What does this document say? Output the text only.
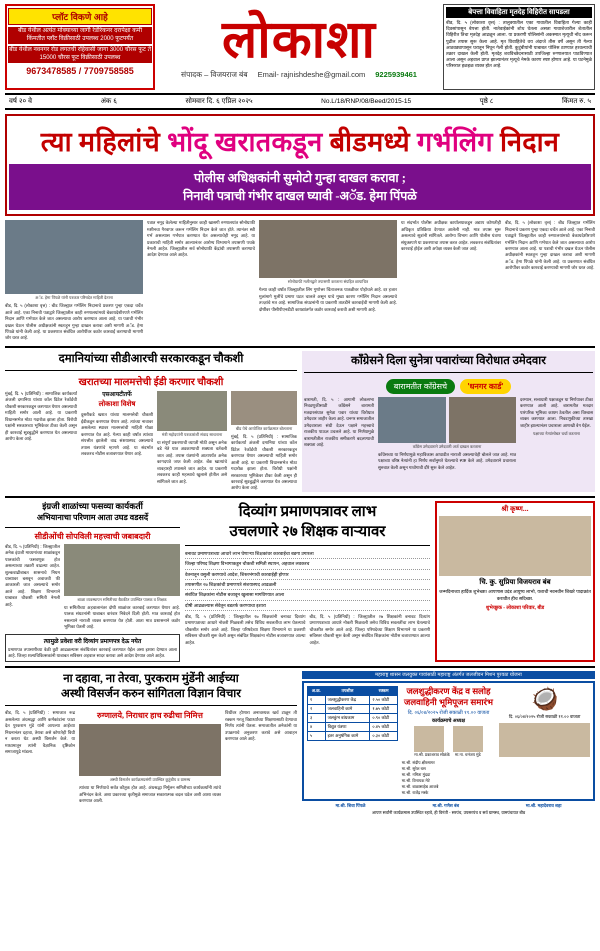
प्लॉट विकणे आहे
बीड येथील अत्यंत मोक्याच्या जागी रेडीरेकनर दरापेक्षा कमी किंमतीत प्लॉट विक्रीसाठी उपलब्ध 2000 फूटपर्यंत
बीड येथील नवनगर रोड लगतची रहिवासी जागा 3000 चौरस फूट ते 15000 चौरस फूट विक्रीसाठी उपलब्ध
9673478585 / 7709758585
लोकाशा
संपादक – विजयराज बंब Email- rajnishdeshe@gmail.com 9225939461
बेपत्ता विवाहिता मृतदेह विहिरीत सापडला
बीड, दि. ५ (लोकाशा वृत्त) : तालुक्यातील एका गावातील विवाहिता गेल्या काही दिवसांपासून बेपत्ता होती. नातेवाईकांनी शोध घेतला असता गावाशेजारील शेतातील विहिरीत तिचा मृतदेह आढळून आला. या प्रकरणी पोलिसांनी अकस्मात मृत्यूची नोंद करून पुढील तपास सुरू केला आहे. मृत विवाहितेचे वय अंदाजे तीस वर्षे असून ती गेल्या आठवड्यापासून घरातून निघून गेली होती. कुटुंबीयांनी याबाबत पोलिस ठाण्यात हरवल्याची तक्रार दाखल केली होती. मृतदेह शवविच्छेदनासाठी उपजिल्हा रुग्णालयात पाठविण्यात आला असून अहवाल प्राप्त झाल्यानंतर मृत्यूचे नेमके कारण स्पष्ट होणार आहे. या घटनेमुळे परिसरात हळहळ व्यक्त होत आहे.
वर्ष २० वे	अंक ६	सोमवार दि. ६ एप्रिल २०२५	No.L/18/RNP/08/Beed/2015-15	पृष्ठे ८	किंमत रु. ५
त्या महिलांचे भोंदू खरातकडून बीडमध्ये गर्भलिंग निदान
पोलीस अधिक्षकांनी सुमोटो गुन्हा दाखल करावा ;
निनावी पत्राची गंभीर दाखल घ्यावी -अॅड. हेमा पिंपळे
अॅड. हेमा पिंपळे यांनी पत्रकार परिषदेत माहिती देताना
बीड, दि. ५ (लोकाशा वृत्त) : बीड जिल्ह्यात गर्भलिंग निदानाचे प्रकरण पुन्हा एकदा चर्चेत आले आहे. एका निनावी पत्राद्वारे जिल्ह्यातील काही रुग्णालयांमध्ये बेकायदेशीरपणे गर्भलिंग निदान आणि गर्भपात केले जात असल्याचा आरोप करण्यात आला आहे. या पत्राची गंभीर दखल घेऊन पोलीस अधीक्षकांनी स्वतःहून गुन्हा दाखल करावा अशी मागणी अॅड. हेमा पिंपळे यांनी केली आहे. या प्रकरणात संबंधित आरोपींवर कठोर कारवाई करण्याची मागणी जोर धरत आहे.
पत्रात नमूद केलेल्या माहितीनुसार काही खासगी रुग्णालयांत सोनोग्राफी मशीनचा गैरवापर करून गर्भलिंग निदान केले जात होते. त्यानंतर स्त्री गर्भ असल्यास गर्भपात करण्यात येत असल्याचेही नमूद आहे. या प्रकाराची माहिती समोर आल्यानंतर आरोग्य विभागाने तपासणी पथके नेमली आहेत. जिल्ह्यातील सर्व सोनोग्राफी केंद्रांची तपासणी करण्याचे आदेश देण्यात आले आहेत.
सोनोग्राफी मशीनद्वारे तपासणी करताना संग्रहित छायाचित्र
गेल्या काही वर्षांत जिल्ह्यातील लिंग गुणोत्तर चिंताजनक पातळीवर पोहोचले आहे. दर हजार मुलांमागे मुलींचे प्रमाण घटत चालले असून याचे मुख्य कारण गर्भलिंग निदान असल्याचे तज्ज्ञांचे मत आहे. सामाजिक संघटनांनी या प्रकरणी तातडीने कारवाईची मागणी केली आहे. दोषींवर पीसीपीएनडीटी कायद्यांतर्गत कठोर कारवाई करावी अशी मागणी आहे.
या संदर्भात पोलीस अधीक्षक कार्यालयाकडून अद्याप कोणतीही अधिकृत प्रतिक्रिया देण्यात आलेली नाही. मात्र तपास सुरू असल्याचे सूत्रांनी सांगितले. आरोग्य विभाग आणि पोलीस यंत्रणा संयुक्तपणे या प्रकरणाचा तपास करत आहेत. लवकरच संबंधितांवर कारवाई होईल अशी अपेक्षा व्यक्त केली जात आहे.
बीड, दि. ५ (लोकाशा वृत्त) : बीड जिल्ह्यात गर्भलिंग निदानाचे प्रकरण पुन्हा एकदा चर्चेत आले आहे. एका निनावी पत्राद्वारे जिल्ह्यातील काही रुग्णालयांमध्ये बेकायदेशीरपणे गर्भलिंग निदान आणि गर्भपात केले जात असल्याचा आरोप करण्यात आला आहे. या पत्राची गंभीर दखल घेऊन पोलीस अधीक्षकांनी स्वतःहून गुन्हा दाखल करावा अशी मागणी अॅड. हेमा पिंपळे यांनी केली आहे. या प्रकरणात संबंधित आरोपींवर कठोर कारवाई करण्याची मागणी जोर धरत आहे.
दमानियांच्या सीडीआरची सरकारकडून चौकशी
खरातच्या मालमत्तेची ईडी करणार चौकशी
मुंबई, दि. ५ (प्रतिनिधी) : सामाजिक कार्यकर्त्या अंजली दमानिया यांच्या कॉल डिटेल रेकॉर्डची चौकशी सरकारकडून करण्यात येणार असल्याची माहिती समोर आली आहे. या प्रकरणी विधानसभेत मोठा गदारोळ झाला होता. विरोधी पक्षांनी सरकारच्या भूमिकेवर टीका केली असून ही कारवाई सूडबुद्धीने करण्यात येत असल्याचा आरोप केला आहे.
एसआयटीतर्फे
लोकाशा विशेष
दुसरीकडे खरात यांच्या मालमत्तेची चौकशी ईडीकडून करण्यात येणार आहे. त्यांच्या नावावर असलेल्या स्थावर मालमत्तांची माहिती गोळा करण्यात येत आहे. गेल्या काही वर्षांत त्यांच्या संपत्तीत झालेली वाढ संशयास्पद असल्याचे तपास यंत्रणांचे म्हणणे आहे. या संदर्भात लवकरच नोटीस बजावण्यात येणार आहे.
मंत्री महोदयांनी पत्रकारांशी संवाद साधताना
या संपूर्ण प्रकरणाची व्याप्ती मोठी असून अनेक बडे नेते यात अडकण्याची शक्यता वर्तवली जात आहे. तपास यंत्रणांनी आतापर्यंत अनेक कागदपत्रे जप्त केली आहेत. बँक खात्यांचे व्यवहारही तपासले जात आहेत. या प्रकरणी लवकरच काही महत्त्वाचे खुलासे होतील असे सांगितले जात आहे.
बीड येथे आयोजित कार्यक्रमात बोलताना
मुंबई, दि. ५ (प्रतिनिधी) : सामाजिक कार्यकर्त्या अंजली दमानिया यांच्या कॉल डिटेल रेकॉर्डची चौकशी सरकारकडून करण्यात येणार असल्याची माहिती समोर आली आहे. या प्रकरणी विधानसभेत मोठा गदारोळ झाला होता. विरोधी पक्षांनी सरकारच्या भूमिकेवर टीका केली असून ही कारवाई सूडबुद्धीने करण्यात येत असल्याचा आरोप केला आहे.
काँग्रेसने दिला सुनेत्रा पवारांच्या विरोधात उमेदवार
बारामतीत काँग्रेसचे	'धनगर कार्ड'
बारामती, दि. ५ : आगामी लोकसभा निवडणुकीसाठी काँग्रेसने बारामती मतदारसंघात सुनेत्रा पवार यांच्या विरोधात उमेदवार जाहीर केला आहे. धनगर समाजातील उमेदवाराला संधी देऊन पक्षाने महत्त्वाचे राजकीय पाऊल उचलले आहे. या निर्णयामुळे बारामतीतील राजकीय समीकरणे बदलण्याची शक्यता आहे.	काँग्रेस उमेदवाराने उमेदवारी अर्ज दाखल करताना
काँग्रेसच्या या निर्णयामुळे महाविकास आघाडीत नाराजी असल्याचेही बोलले जात आहे. मात्र पक्षाच्या वरिष्ठ नेत्यांनी हा निर्णय सर्वानुमते घेतल्याचे स्पष्ट केले आहे. उमेदवाराने प्रचाराला सुरुवात केली असून गावोगावी दौरे सुरू केले आहेत.
दरम्यान, सत्ताधारी पक्षाकडून या निर्णयावर टीका करण्यात आली आहे. बारामतीत मतदार पारंपरिक भूमिका कायम ठेवतील असा विश्वास व्यक्त करण्यात आला. निवडणुकीच्या तारखा जाहीर झाल्यानंतर प्रचाराला आणखी वेग येईल.
पक्षाच्या नेत्यांसोबत चर्चा करताना
इंग्रजी शाळांच्या फसव्या कार्यकर्ती
अभियानाचा परिणाम आता उघड वडसर्दे
सीडीओंची सोपविली महत्त्वाची जबाबदारी
बीड, दि. ५ (प्रतिनिधी) : जिल्ह्यातील अनेक इंग्रजी माध्यमांच्या शाळांकडून पालकांची फसवणूक होत असल्याच्या तक्रारी वाढल्या आहेत. शुल्कवाढीबाबत शासनाचे नियम धाब्यावर बसवून अवाजवी फी आकारली जात असल्याचे समोर आले आहे. शिक्षण विभागाने याबाबत चौकशी समिती नेमली आहे.
शाळा व्यवस्थापन समितीच्या बैठकीत उपस्थित पालक व शिक्षक
या समितीच्या अहवालानंतर दोषी शाळांवर कारवाई करण्यात येणार आहे. पालक संघटनांनी याबाबत वारंवार निवेदने दिली होती. मात्र कारवाई होत नसल्याने नाराजी व्यक्त करण्यात येत होती. आता मात्र प्रशासनाने कठोर भूमिका घेतली आहे.
त्यामुळे प्रवेशा वरी दिव्यांग प्रमाणपत्र देऊ नयेत
प्रमाणपत्र तपासणीच्या वेळी त्रुटी आढळल्यास संबंधितांवर कारवाई करण्यात येईल असा इशारा देण्यात आला आहे. जिल्हा शल्यचिकित्सकांनी याबाबत सविस्तर अहवाल सादर करावा असे आदेश देण्यात आले आहेत.
दिव्यांग प्रमाणपत्रावर लाभ
उचलणारे २७ शिक्षक वाऱ्यावर
बनावट प्रमाणपत्राच्या आधारे लाभ घेणाऱ्या शिक्षकांवर कारवाईचा बडगा उगारला
जिल्हा परिषद शिक्षण विभागाकडून चौकशी समिती स्थापन, अहवाल लवकरच
वेतनातून वसुली करण्याचे आदेश, शिस्तभंगाची कारवाईही होणार
तपासणीत २७ शिक्षकांची प्रमाणपत्रे संशयास्पद आढळली
संबंधित शिक्षकांना नोटीस बजावून खुलासा मागविण्यात आला
दोषी आढळल्यास सेवेतून बडतर्फ करण्याचा इशारा
बीड, दि. ५ (प्रतिनिधी) : जिल्ह्यातील २७ शिक्षकांनी बनावट दिव्यांग प्रमाणपत्राच्या आधारे नोकरी मिळवली तसेच विविध सवलतींचा लाभ घेतल्याचे चौकशीत समोर आले आहे. जिल्हा परिषदेच्या शिक्षण विभागाने या प्रकरणी सविस्तर चौकशी सुरू केली असून संबंधित शिक्षकांना नोटीस बजावण्यात आल्या आहेत.
बीड, दि. ५ (प्रतिनिधी) : जिल्ह्यातील २७ शिक्षकांनी बनावट दिव्यांग प्रमाणपत्राच्या आधारे नोकरी मिळवली तसेच विविध सवलतींचा लाभ घेतल्याचे चौकशीत समोर आले आहे. जिल्हा परिषदेच्या शिक्षण विभागाने या प्रकरणी सविस्तर चौकशी सुरू केली असून संबंधित शिक्षकांना नोटीस बजावण्यात आल्या आहेत.
श्री कृष्ण...
चि. कु. सुप्रिया विजयराव बंब
जन्मदिनाच्या हार्दिक शुभेच्छा! आपणास उदंड आयुष्य लाभो, यशाची नवनवीन शिखरे पादाक्रांत करावीत हीच सदिच्छा.
शुभेच्छुक - लोकाशा परिवार, बीड
ना दहावा, ना तेरवा, पुरकराम मुंडेंनी आईच्या
अस्थी विसर्जन करुन सांगितला विज्ञान विचार
बीड, दि. ५ (प्रतिनिधी) : समाजात रूढ असलेल्या अंधश्रद्धा आणि कर्मकांडांना फाटा देत पुरकराम मुंडे यांनी आपल्या आईच्या निधनानंतर दहावा, तेरावा असे कोणतेही विधी न करता थेट अस्थी विसर्जन केले. या माध्यमातून त्यांनी वैज्ञानिक दृष्टिकोन समाजापुढे मांडला.
रुग्णालये, निराधार हाच रुढीचा निमित्त
अस्थी विसर्जन कार्यक्रमप्रसंगी उपस्थित कुटुंबीय व ग्रामस्थ
त्यांच्या या निर्णयाचे सर्वत्र कौतुक होत आहे. अंधश्रद्धा निर्मूलन समितीच्या कार्यकर्त्यांनी त्यांचे अभिनंदन केले. अशा प्रकारच्या कृतीमुळे समाजात सकारात्मक बदल घडेल अशी आशा व्यक्त करण्यात आली.
विधींवर होणारा अनावश्यक खर्च टाळून ती रक्कम गरजू विद्यार्थ्यांच्या शिक्षणासाठी देण्याचा निर्णय त्यांनी घेतला. समाजातील अनेकांनी या उपक्रमाचे अनुकरण करावे असे आवाहन करण्यात आले आहे.
महाराष्ट्र शासन जलयुक्त गावांसाठी महाराष्ट्र अंतर्गत जलजीवन मिशन पुरवठा योजना
अ.क्र.	तपशील	रक्कम
१	जलशुद्धीकरण केंद्र	२.५० कोटी
२	जलवाहिनी कामे	१.७५ कोटी
३	जलकुंभ बांधकाम	०.९० कोटी
४	विद्युत यंत्रणा	०.४५ कोटी
५	इतर अनुषंगिक कामे	०.३० कोटी
जलशुद्धीकरण केंद्र व सलोह जलवाहिनी भूमिपूजन समारंभ
दि. ०६/०४/२०२५ रोजी सकाळी ११.०० वाजता
कार्यक्रमाचे अध्यक्ष
मा.श्री. प्रकाशराव सोळंके	मा.ना. धनंजय मुंडे
मा.श्री. संदीप क्षीरसागर
मा.श्री. सुरेश धस
मा.श्री. नमिता मुंदडा
मा.श्री. विनायक मेटे
मा.श्री. बाळासाहेब आजबे
मा.श्री. राजेंद्र मस्के
🥥
दि. ०६/०४/२०२५ रोजी सकाळी ११.०० वाजता
मा.श्री. शिवा पिंपळे	मा.श्री. गणेश बंब	मा.श्री. महादेवराव शहा
आपण सर्वांनी कार्यक्रमास उपस्थित रहावे, ही विनंती - सरपंच, उपसरपंच व सर्व ग्रामस्थ, ग्रामपंचायत बीड
